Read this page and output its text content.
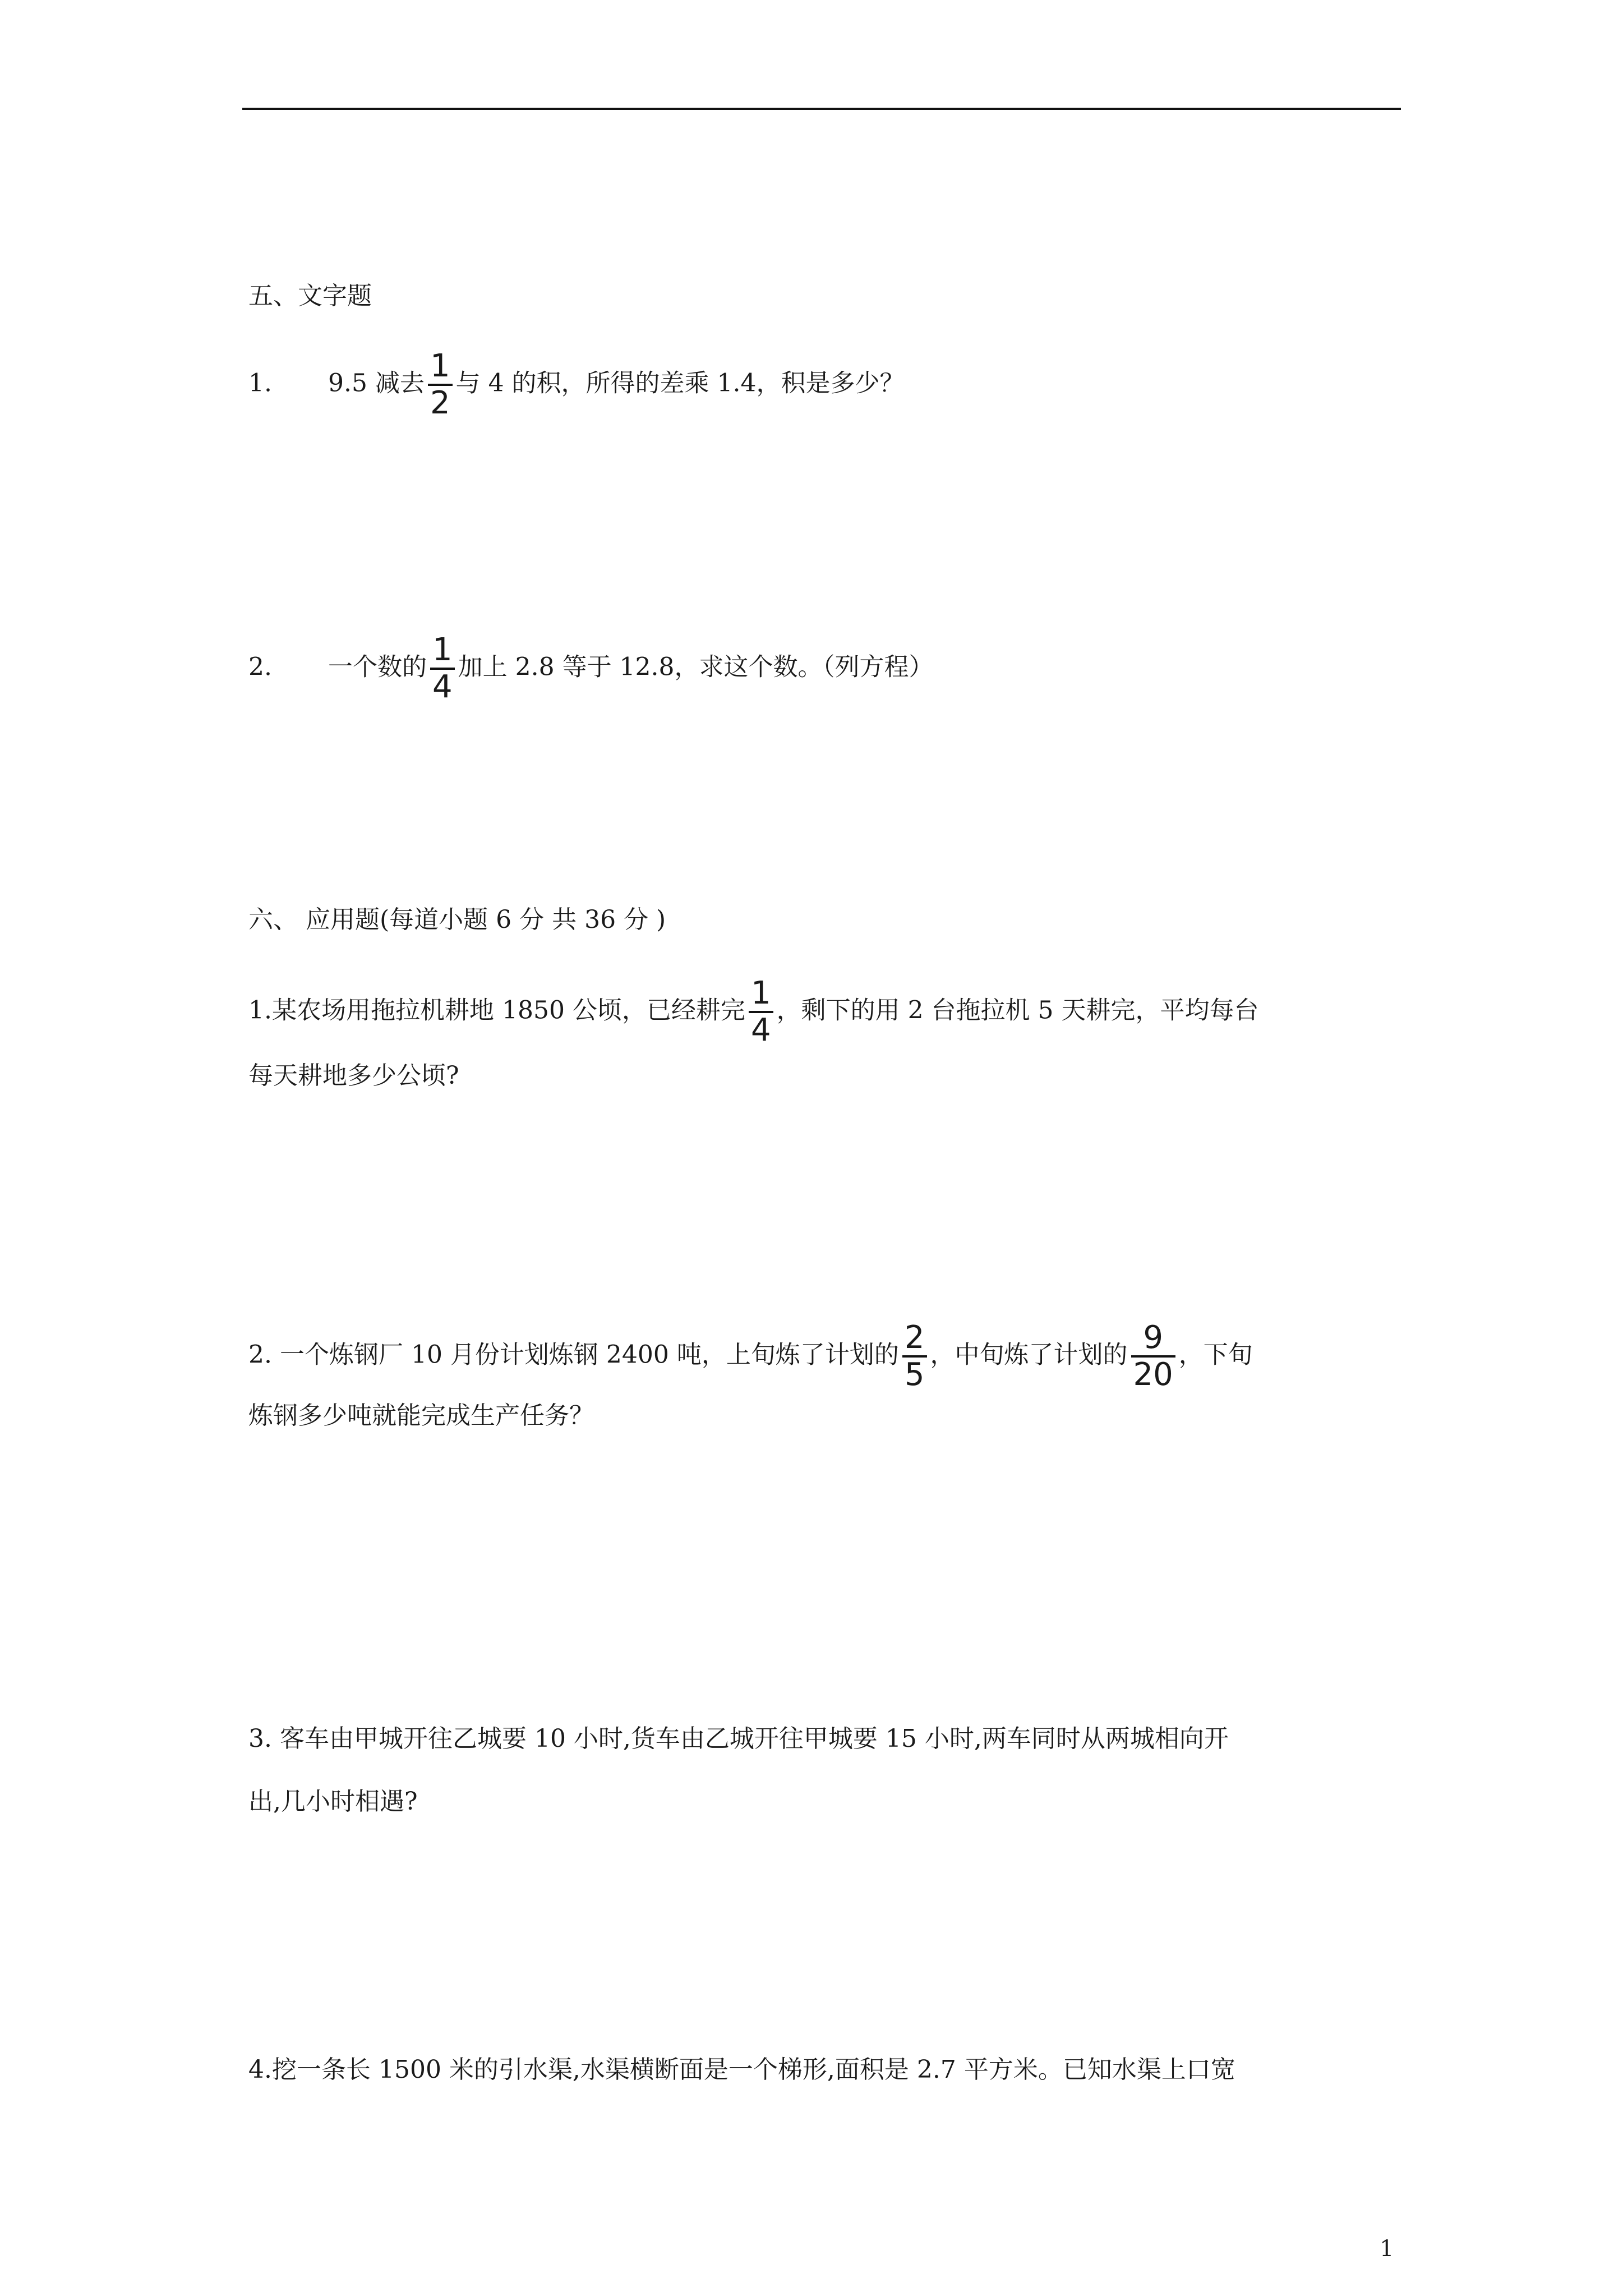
五、文字题
1. 9.5 减去 $\frac{1}{2}$ 与 4 的积，所得的差乘 1.4，积是多少？
2. 一个数的 $\frac{1}{4}$ 加上 2.8 等于 12.8，求这个数。（列方程）
六、 应用题(每道小题 6 分 共 36 分 )
1.某农场用拖拉机耕地 1850 公顷，已经耕完 $\frac{1}{4}$ ，剩下的用 2 台拖拉机 5 天耕完，平均每台
每天耕地多少公顷?
2. 一个炼钢厂 10 月份计划炼钢 2400 吨，上旬炼了计划的 $\frac{2}{5}$ ，中旬炼了计划的 $\frac{9}{20}$ ，下旬
炼钢多少吨就能完成生产任务？
3. 客车由甲城开往乙城要 10 小时,货车由乙城开往甲城要 15 小时,两车同时从两城相向开
出,几小时相遇?
4.挖一条长 1500 米的引水渠,水渠横断面是一个梯形,面积是 2.7 平方米。已知水渠上口宽
1
